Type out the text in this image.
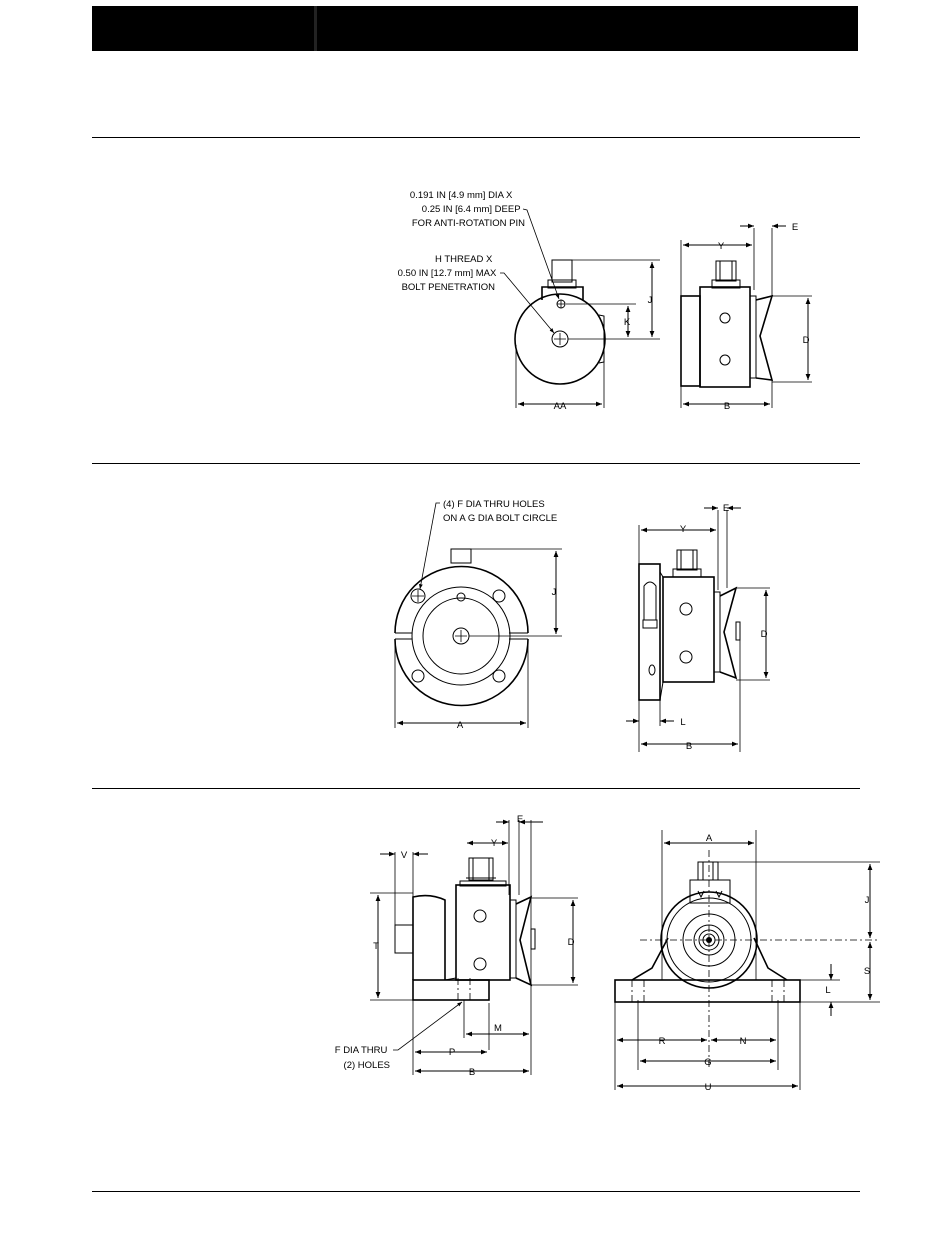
AA
J
K
0.191 IN [4.9 mm] DIA X 0.25 IN [6.4 mm] DEEP FOR ANTI-ROTATION PIN
H THREAD X 0.50 IN [12.7 mm] MAX BOLT PENETRATION
Y
E
D
B
(4) F DIA THRU HOLES ON A G DIA BOLT CIRCLE
J
A
Y
E
D
L
B
V
T
Y
E
D
M
P
B
F DIA THRU (2) HOLES
A
J
S
L
R	N
G
U
